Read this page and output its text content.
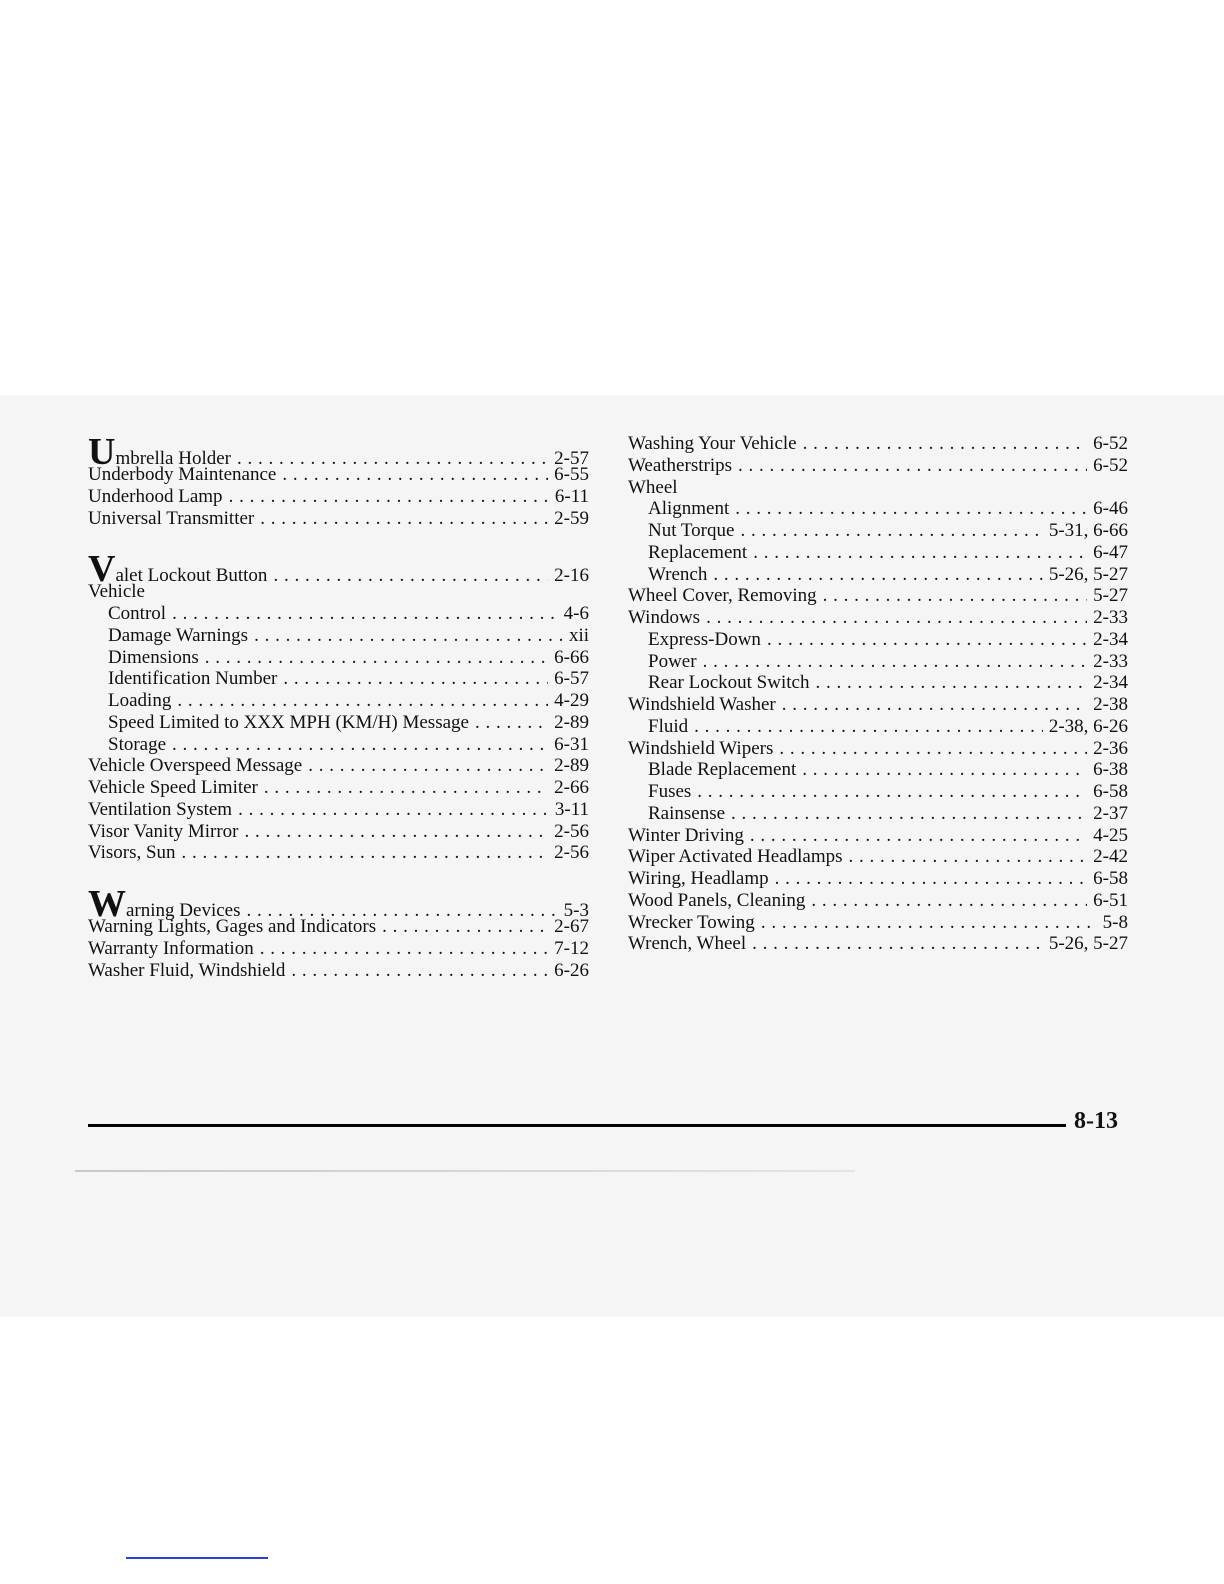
Umbrella Holder . . .	2-57
Underbody Maintenance . . .	6-55
Underhood Lamp . . .	6-11
Universal Transmitter . . .	2-59
Valet Lockout Button . . .	2-16
Vehicle
Control . . .	4-6
Damage Warnings . . .	xii
Dimensions . . .	6-66
Identification Number . . .	6-57
Loading . . .	4-29
Speed Limited to XXX MPH (KM/H) Message . . .	2-89
Storage . . .	6-31
Vehicle Overspeed Message . . .	2-89
Vehicle Speed Limiter . . .	2-66
Ventilation System . . .	3-11
Visor Vanity Mirror . . .	2-56
Visors, Sun . . .	2-56
Warning Devices . . .	5-3
Warning Lights, Gages and Indicators . . .	2-67
Warranty Information . . .	7-12
Washer Fluid, Windshield . . .	6-26
Washing Your Vehicle . . .	6-52
Weatherstrips . . .	6-52
Wheel
Alignment . . .	6-46
Nut Torque . . .	5-31, 6-66
Replacement . . .	6-47
Wrench . . .	5-26, 5-27
Wheel Cover, Removing . . .	5-27
Windows . . .	2-33
Express-Down . . .	2-34
Power . . .	2-33
Rear Lockout Switch . . .	2-34
Windshield Washer . . .	2-38
Fluid . . .	2-38, 6-26
Windshield Wipers . . .	2-36
Blade Replacement . . .	6-38
Fuses . . .	6-58
Rainsense . . .	2-37
Winter Driving . . .	4-25
Wiper Activated Headlamps . . .	2-42
Wiring, Headlamp . . .	6-58
Wood Panels, Cleaning . . .	6-51
Wrecker Towing . . .	5-8
Wrench, Wheel . . .	5-26, 5-27
8-13
